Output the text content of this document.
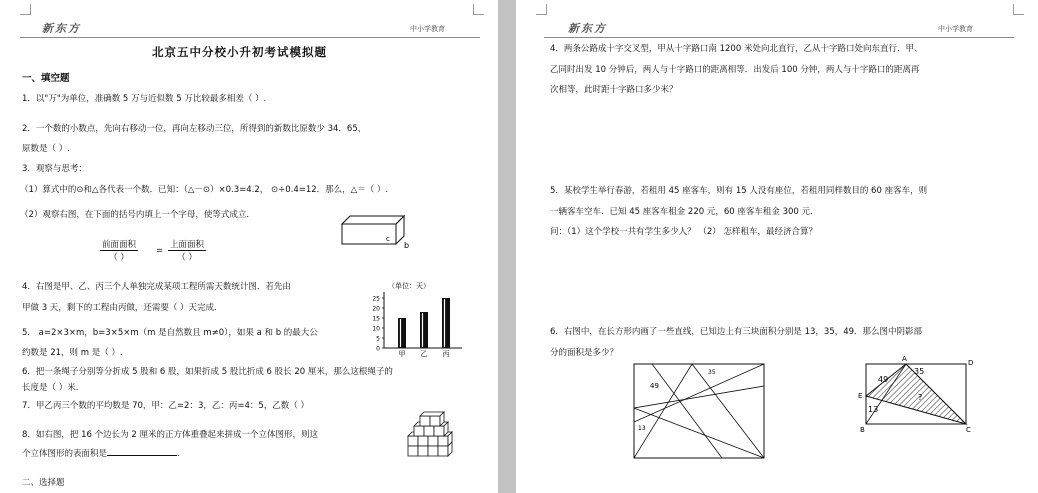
新东方	中小学教育
北京五中分校小升初考试模拟题
一、填空题
1．以"万"为单位，准确数 5 万与近似数 5 万比较最多相差（ ）.
2．一个数的小数点，先向右移动一位，再向左移动三位，所得到的新数比原数少 34．65，
原数是（ ）.
3．观察与思考：
（1）算式中的⊙和△各代表一个数．已知：（△－⊙）×0.3=4.2， ⊙÷0.4=12．那么，△＝（ ）.
（2）观察右图，在下面的括号内填上一个字母，使等式成立．
前面面积
（ ）
=
上面面积
（ ）
c
b
4．右图是甲、乙、丙三个人单独完成某项工程所需天数统计图．若先由
甲做 3 天，剩下的工程由丙做，还需要（ ）天完成．
（单位：天）
0
5
10
15
20
25
甲 乙 丙
5． a=2×3×m，b=3×5×m（m 是自然数且 m≠0），如果 a 和 b 的最大公
约数是 21，则 m 是（ ）.
6．把一条绳子分别等分折成 5 股和 6 股，如果折成 5 股比折成 6 股长 20 厘米，那么这根绳子的
长度是（ ）米．
7．甲乙丙三个数的平均数是 70，甲：乙=2：3，乙：丙=4：5，乙数（ ）
8．如右图，把 16 个边长为 2 厘米的正方体重叠起来拼成一个立体图形，则这
个立体图形的表面积是	.
二、选择题
新东方	中小学教育
4．两条公路成十字交叉型，甲从十字路口南 1200 米处向北直行，乙从十字路口处向东直行．甲、
乙同时出发 10 分钟后，两人与十字路口的距离相等．出发后 100 分钟，两人与十字路口的距离再
次相等，此时距十字路口多少米？
5．某校学生举行春游，若租用 45 座客车，则有 15 人没有座位，若租用同样数目的 60 座客车，则
一辆客车空车．已知 45 座客车租金 220 元，60 座客车租金 300 元．
问：（1）这个学校一共有学生多少人？ （2） 怎样租车，最经济合算？
6．右图中，在长方形内画了一些直线，已知边上有三块面积分别是 13，35，49．那么图中阴影部
分的面积是多少？
49
35
13
A	D
E
B	C
49
35
13
?
